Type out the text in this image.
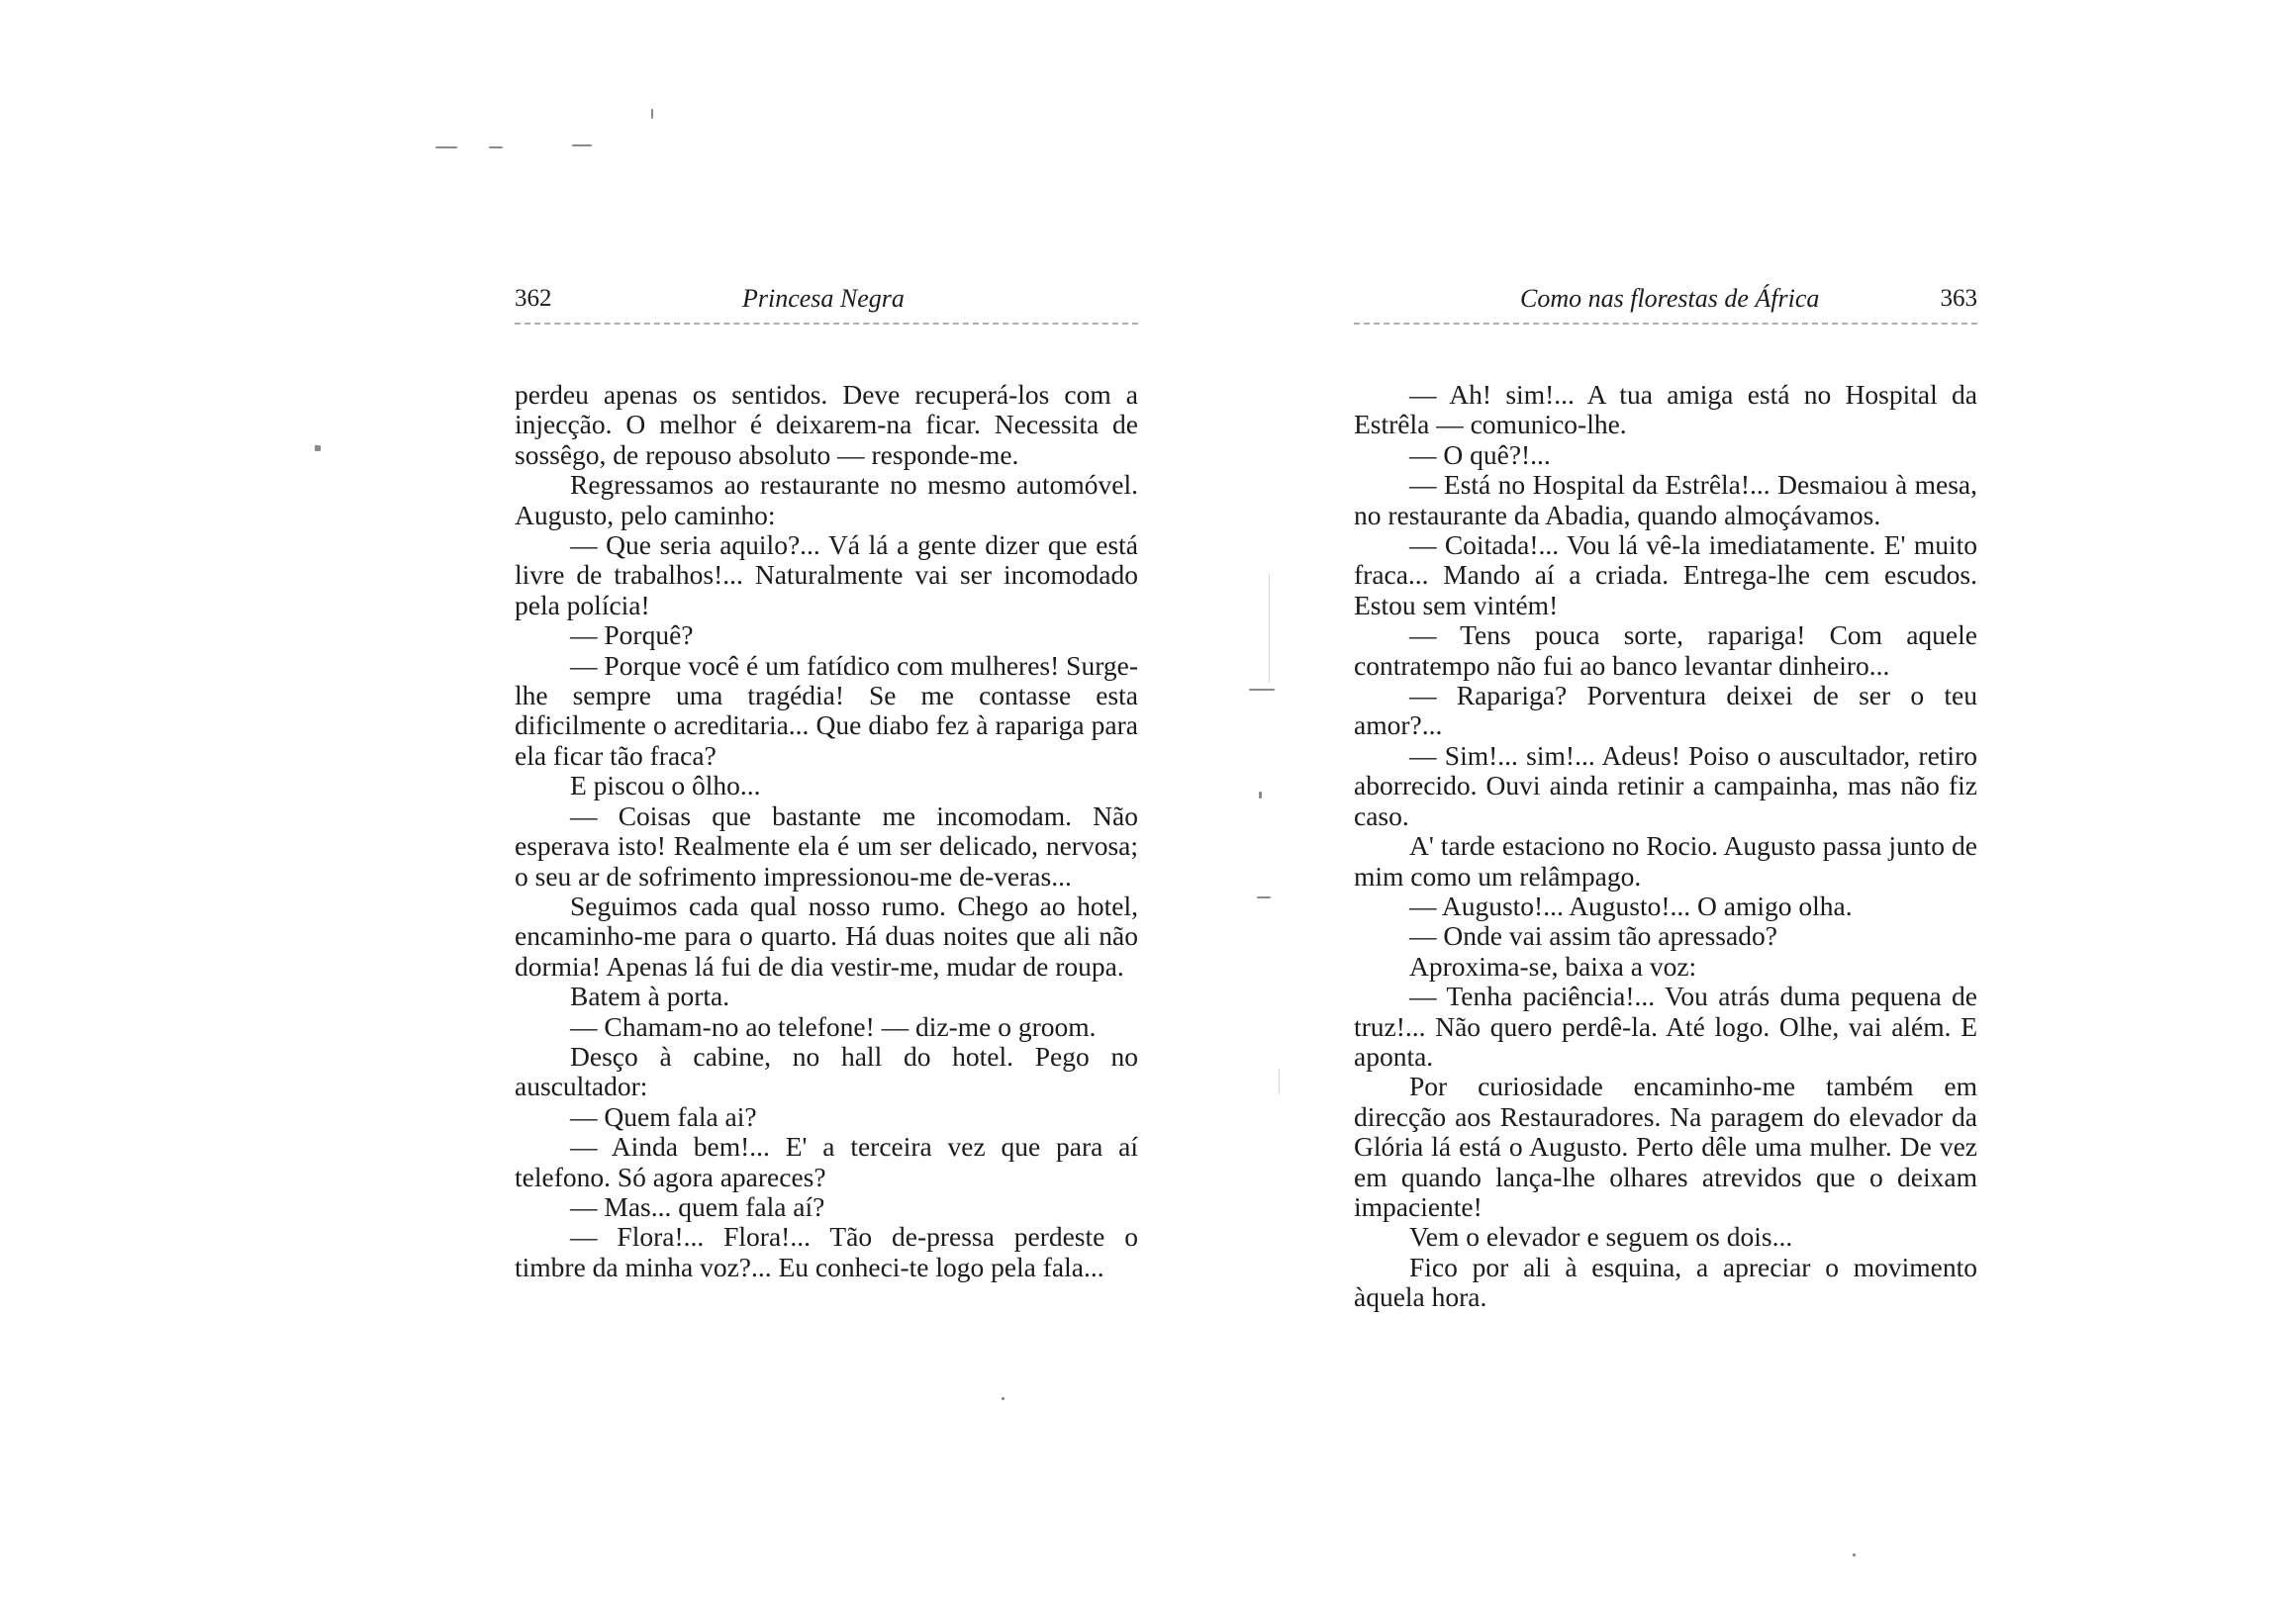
362	Princesa Negra

perdeu apenas os sentidos. Deve recuperá-los com a injecção. O melhor é deixarem-na ficar. Necessita de sossêgo, de repouso absoluto — responde-me.

Regressamos ao restaurante no mesmo automóvel. Augusto, pelo caminho:

— Que seria aquilo?... Vá lá a gente dizer que está livre de trabalhos!... Naturalmente vai ser incomodado pela polícia!

— Porquê?

— Porque você é um fatídico com mulheres! Surge-lhe sempre uma tragédia! Se me contasse esta dificilmente o acreditaria... Que diabo fez à rapariga para ela ficar tão fraca?

E piscou o ôlho...

— Coisas que bastante me incomodam. Não esperava isto! Realmente ela é um ser delicado, nervosa; o seu ar de sofrimento impressionou-me de-veras...

Seguimos cada qual nosso rumo. Chego ao hotel, encaminho-me para o quarto. Há duas noites que ali não dormia! Apenas lá fui de dia vestir-me, mudar de roupa.

Batem à porta.

— Chamam-no ao telefone! — diz-me o groom.

Desço à cabine, no hall do hotel. Pego no auscultador:

— Quem fala ai?

— Ainda bem!... E' a terceira vez que para aí telefono. Só agora apareces?

— Mas... quem fala aí?

— Flora!... Flora!... Tão de-pressa perdeste o timbre da minha voz?... Eu conheci-te logo pela fala...

Como nas florestas de África	363

— Ah! sim!... A tua amiga está no Hospital da Estrêla — comunico-lhe.

— O quê?!...

— Está no Hospital da Estrêla!... Desmaiou à mesa, no restaurante da Abadia, quando almoçávamos.

— Coitada!... Vou lá vê-la imediatamente. E' muito fraca... Mando aí a criada. Entrega-lhe cem escudos. Estou sem vintém!

— Tens pouca sorte, rapariga! Com aquele contratempo não fui ao banco levantar dinheiro...

— Rapariga? Porventura deixei de ser o teu amor?...

— Sim!... sim!... Adeus! Poiso o auscultador, retiro aborrecido. Ouvi ainda retinir a campainha, mas não fiz caso.

A' tarde estaciono no Rocio. Augusto passa junto de mim como um relâmpago.

— Augusto!... Augusto!... O amigo olha.

— Onde vai assim tão apressado?

Aproxima-se, baixa a voz:

— Tenha paciência!... Vou atrás duma pequena de truz!... Não quero perdê-la. Até logo. Olhe, vai além. E aponta.

Por curiosidade encaminho-me também em direcção aos Restauradores. Na paragem do elevador da Glória lá está o Augusto. Perto dêle uma mulher. De vez em quando lança-lhe olhares atrevidos que o deixam impaciente!

Vem o elevador e seguem os dois...

Fico por ali à esquina, a apreciar o movimento àquela hora.
